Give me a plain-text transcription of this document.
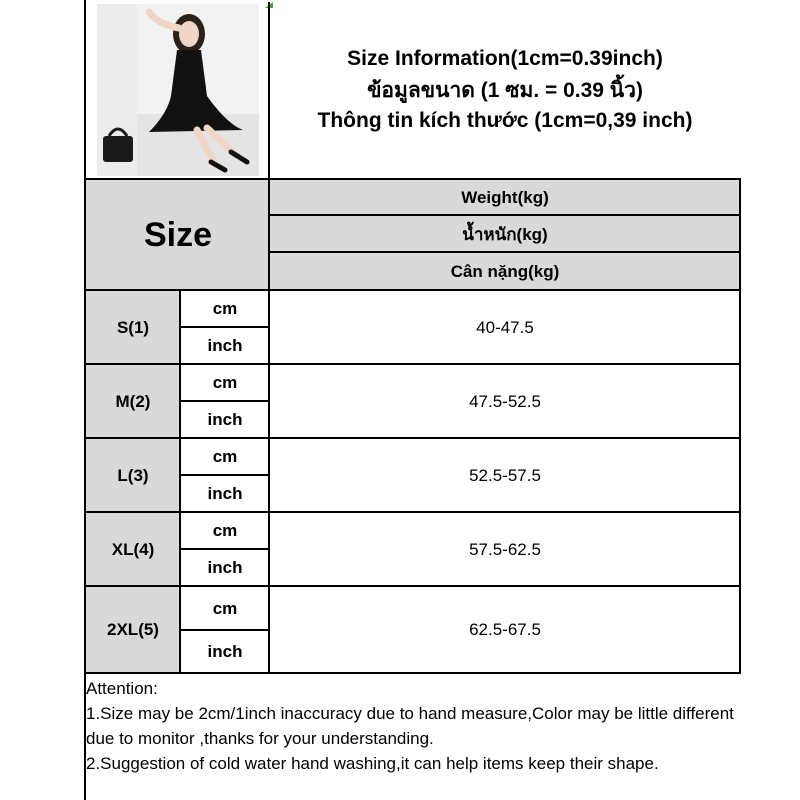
Size Information(1cm=0.39inch)
ข้อมูลขนาด (1 ซม. = 0.39 นิ้ว)
Thông tin kích thước (1cm=0,39 inch)
Size
Weight(kg)
น้ำหนัก(kg)
Cân nặng(kg)
S(1)
cm
inch
40-47.5
M(2)
cm
inch
47.5-52.5
L(3)
cm
inch
52.5-57.5
XL(4)
cm
inch
57.5-62.5
2XL(5)
cm
inch
62.5-67.5
Attention:
1.Size may be 2cm/1inch inaccuracy due to hand measure,Color may be little different due to monitor ,thanks for your understanding.
2.Suggestion of cold water hand washing,it can help items keep their shape.
